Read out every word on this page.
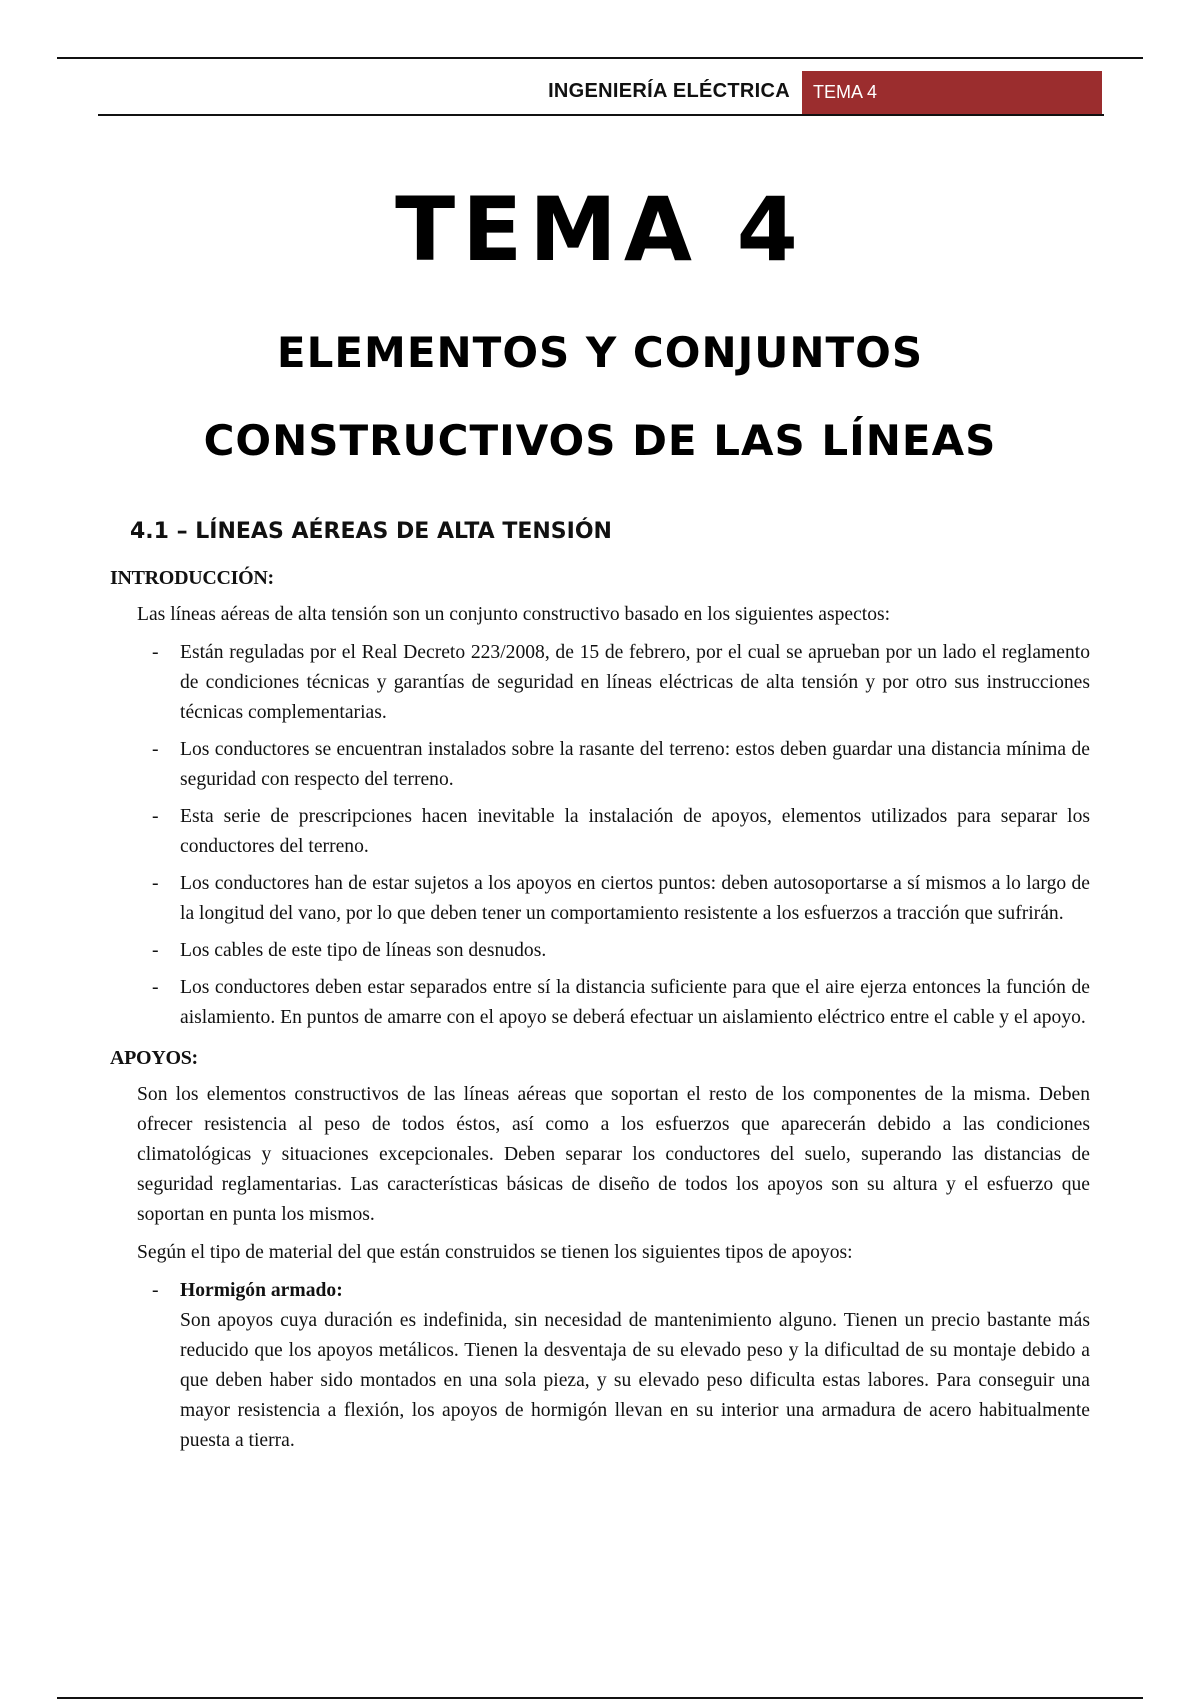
INGENIERÍA ELÉCTRICA	TEMA 4
TEMA 4
ELEMENTOS Y CONJUNTOS
CONSTRUCTIVOS DE LAS LÍNEAS
4.1 – LÍNEAS AÉREAS DE ALTA TENSIÓN
INTRODUCCIÓN:

Las líneas aéreas de alta tensión son un conjunto constructivo basado en los siguientes aspectos:

- Están reguladas por el Real Decreto 223/2008, de 15 de febrero, por el cual se aprueban por un lado el reglamento de condiciones técnicas y garantías de seguridad en líneas eléctricas de alta tensión y por otro sus instrucciones técnicas complementarias.
- Los conductores se encuentran instalados sobre la rasante del terreno: estos deben guardar una distancia mínima de seguridad con respecto del terreno.
- Esta serie de prescripciones hacen inevitable la instalación de apoyos, elementos utilizados para separar los conductores del terreno.
- Los conductores han de estar sujetos a los apoyos en ciertos puntos: deben autosoportarse a sí mismos a lo largo de la longitud del vano, por lo que deben tener un comportamiento resistente a los esfuerzos a tracción que sufrirán.
- Los cables de este tipo de líneas son desnudos.
- Los conductores deben estar separados entre sí la distancia suficiente para que el aire ejerza entonces la función de aislamiento. En puntos de amarre con el apoyo se deberá efectuar un aislamiento eléctrico entre el cable y el apoyo.
APOYOS:

Son los elementos constructivos de las líneas aéreas que soportan el resto de los componentes de la misma. Deben ofrecer resistencia al peso de todos éstos, así como a los esfuerzos que aparecerán debido a las condiciones climatológicas y situaciones excepcionales. Deben separar los conductores del suelo, superando las distancias de seguridad reglamentarias. Las características básicas de diseño de todos los apoyos son su altura y el esfuerzo que soportan en punta los mismos.

Según el tipo de material del que están construidos se tienen los siguientes tipos de apoyos:

- Hormigón armado:
Son apoyos cuya duración es indefinida, sin necesidad de mantenimiento alguno. Tienen un precio bastante más reducido que los apoyos metálicos. Tienen la desventaja de su elevado peso y la dificultad de su montaje debido a que deben haber sido montados en una sola pieza, y su elevado peso dificulta estas labores. Para conseguir una mayor resistencia a flexión, los apoyos de hormigón llevan en su interior una armadura de acero habitualmente puesta a tierra.
